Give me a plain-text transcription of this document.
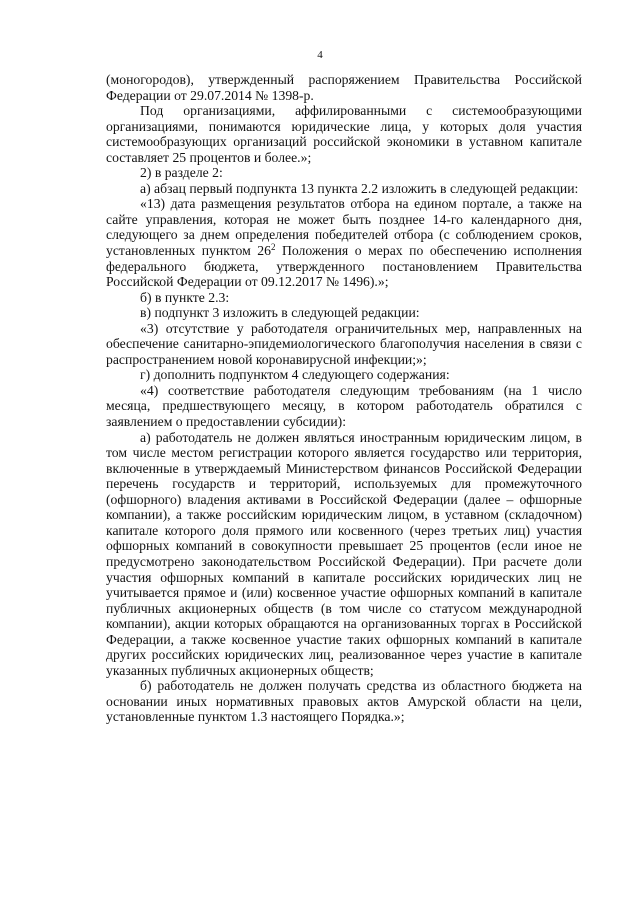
4

(моногородов), утвержденный распоряжением Правительства Российской Федерации от 29.07.2014 № 1398-р.

Под организациями, аффилированными с системообразующими организациями, понимаются юридические лица, у которых доля участия системообразующих организаций российской экономики в уставном капитале составляет 25 процентов и более.»;

2) в разделе 2:

а) абзац первый подпункта 13 пункта 2.2 изложить в следующей редакции:

«13) дата размещения результатов отбора на едином портале, а также на сайте управления, которая не может быть позднее 14-го календарного дня, следующего за днем определения победителей отбора (с соблюдением сроков, установленных пунктом $26^2$ Положения о мерах по обеспечению исполнения федерального бюджета, утвержденного постановлением Правительства Российской Федерации от 09.12.2017 № 1496).»;

б) в пункте 2.3:

в) подпункт 3 изложить в следующей редакции:

«3) отсутствие у работодателя ограничительных мер, направленных на обеспечение санитарно-эпидемиологического благополучия населения в связи с распространением новой коронавирусной инфекции;»;

г) дополнить подпунктом 4 следующего содержания:

«4) соответствие работодателя следующим требованиям (на 1 число месяца, предшествующего месяцу, в котором работодатель обратился с заявлением о предоставлении субсидии):

а) работодатель не должен являться иностранным юридическим лицом, в том числе местом регистрации которого является государство или территория, включенные в утверждаемый Министерством финансов Российской Федерации перечень государств и территорий, используемых для промежуточного (офшорного) владения активами в Российской Федерации (далее – офшорные компании), а также российским юридическим лицом, в уставном (складочном) капитале которого доля прямого или косвенного (через третьих лиц) участия офшорных компаний в совокупности превышает 25 процентов (если иное не предусмотрено законодательством Российской Федерации). При расчете доли участия офшорных компаний в капитале российских юридических лиц не учитывается прямое и (или) косвенное участие офшорных компаний в капитале публичных акционерных обществ (в том числе со статусом международной компании), акции которых обращаются на организованных торгах в Российской Федерации, а также косвенное участие таких офшорных компаний в капитале других российских юридических лиц, реализованное через участие в капитале указанных публичных акционерных обществ;

б) работодатель не должен получать средства из областного бюджета на основании иных нормативных правовых актов Амурской области на цели, установленные пунктом 1.3 настоящего Порядка.»;
